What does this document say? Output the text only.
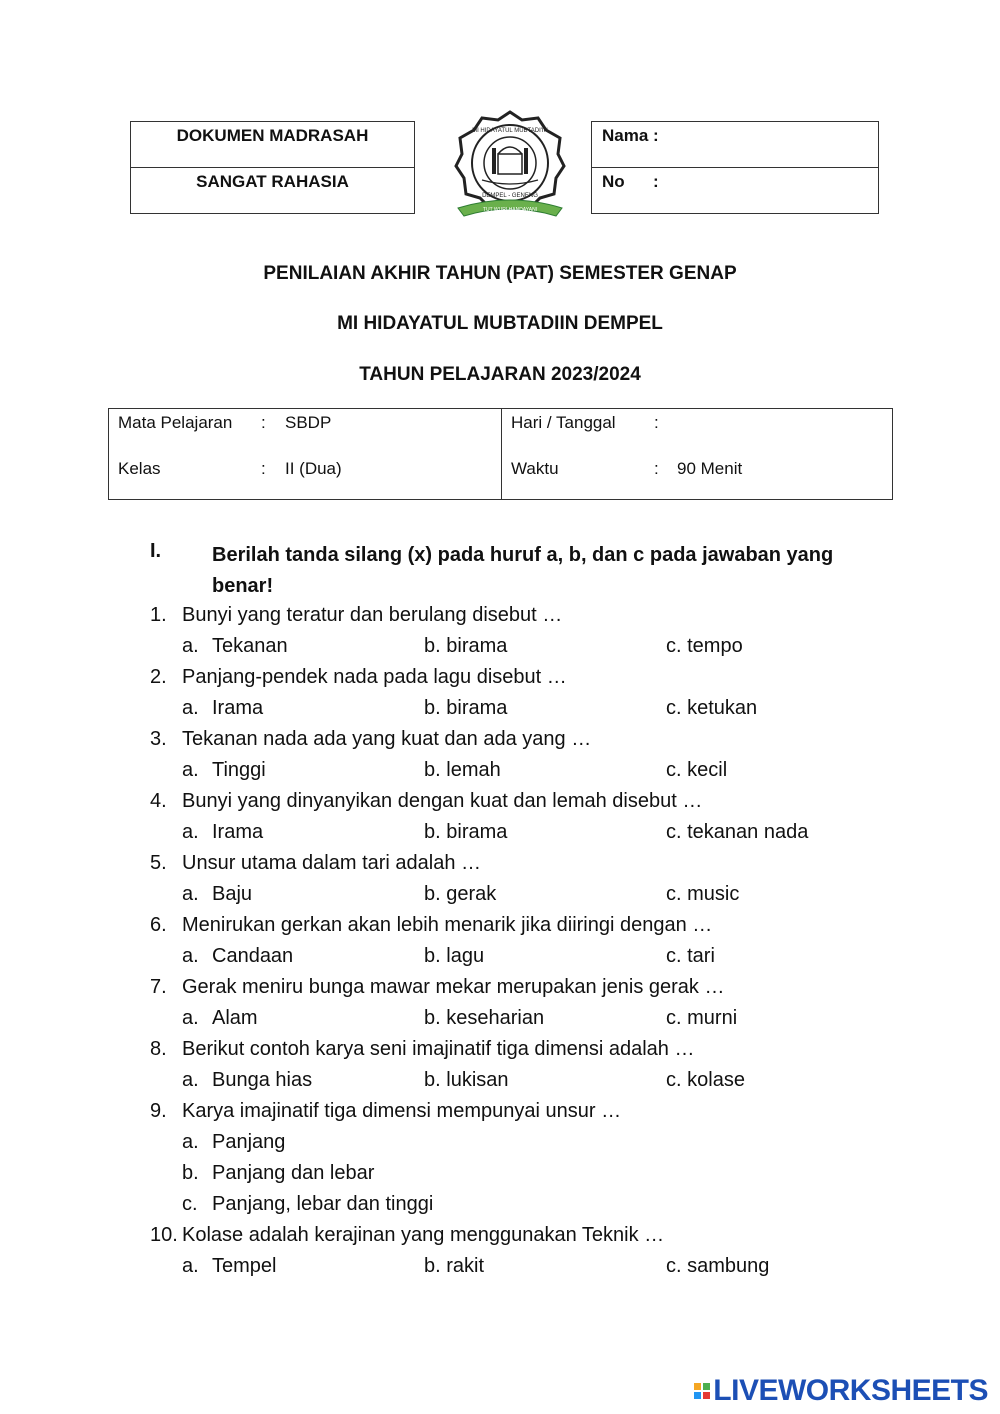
DOKUMEN MADRASAH
SANGAT RAHASIA
TUT WURI HANDAYANI
MI HIDAYATUL MUBTADI'IN
DEMPEL - GENENG
Nama :
No      :
PENILAIAN AKHIR TAHUN (PAT) SEMESTER GENAP
MI HIDAYATUL MUBTADIIN DEMPEL
TAHUN PELAJARAN 2023/2024
Mata Pelajaran : SBDP
Kelas	: II (Dua)
Hari / Tanggal :
Waktu	: 90 Menit
I.	Berilah tanda silang (x) pada huruf a, b, dan c pada jawaban yang benar!
1. Bunyi yang teratur dan berulang disebut …
a. Tekanan	b. birama	c. tempo
2. Panjang-pendek nada pada lagu disebut …
a. Irama	b. birama	c. ketukan
3. Tekanan nada ada yang kuat dan ada yang …
a. Tinggi	b. lemah	c. kecil
4. Bunyi yang dinyanyikan dengan kuat dan lemah disebut …
a. Irama	b. birama	c. tekanan nada
5. Unsur utama dalam tari adalah …
a. Baju	b. gerak	c. music
6. Menirukan gerkan akan lebih menarik jika diiringi dengan …
a. Candaan	b. lagu	c. tari
7. Gerak meniru bunga mawar mekar merupakan jenis gerak …
a. Alam	b. keseharian	c. murni
8. Berikut contoh karya seni imajinatif tiga dimensi adalah …
a. Bunga hias	b. lukisan	c. kolase
9. Karya imajinatif tiga dimensi mempunyai unsur …
a. Panjang
b. Panjang dan lebar
c. Panjang, lebar dan tinggi
10. Kolase adalah kerajinan yang menggunakan Teknik …
a. Tempel	b. rakit	c. sambung
LIVEWORKSHEETS
